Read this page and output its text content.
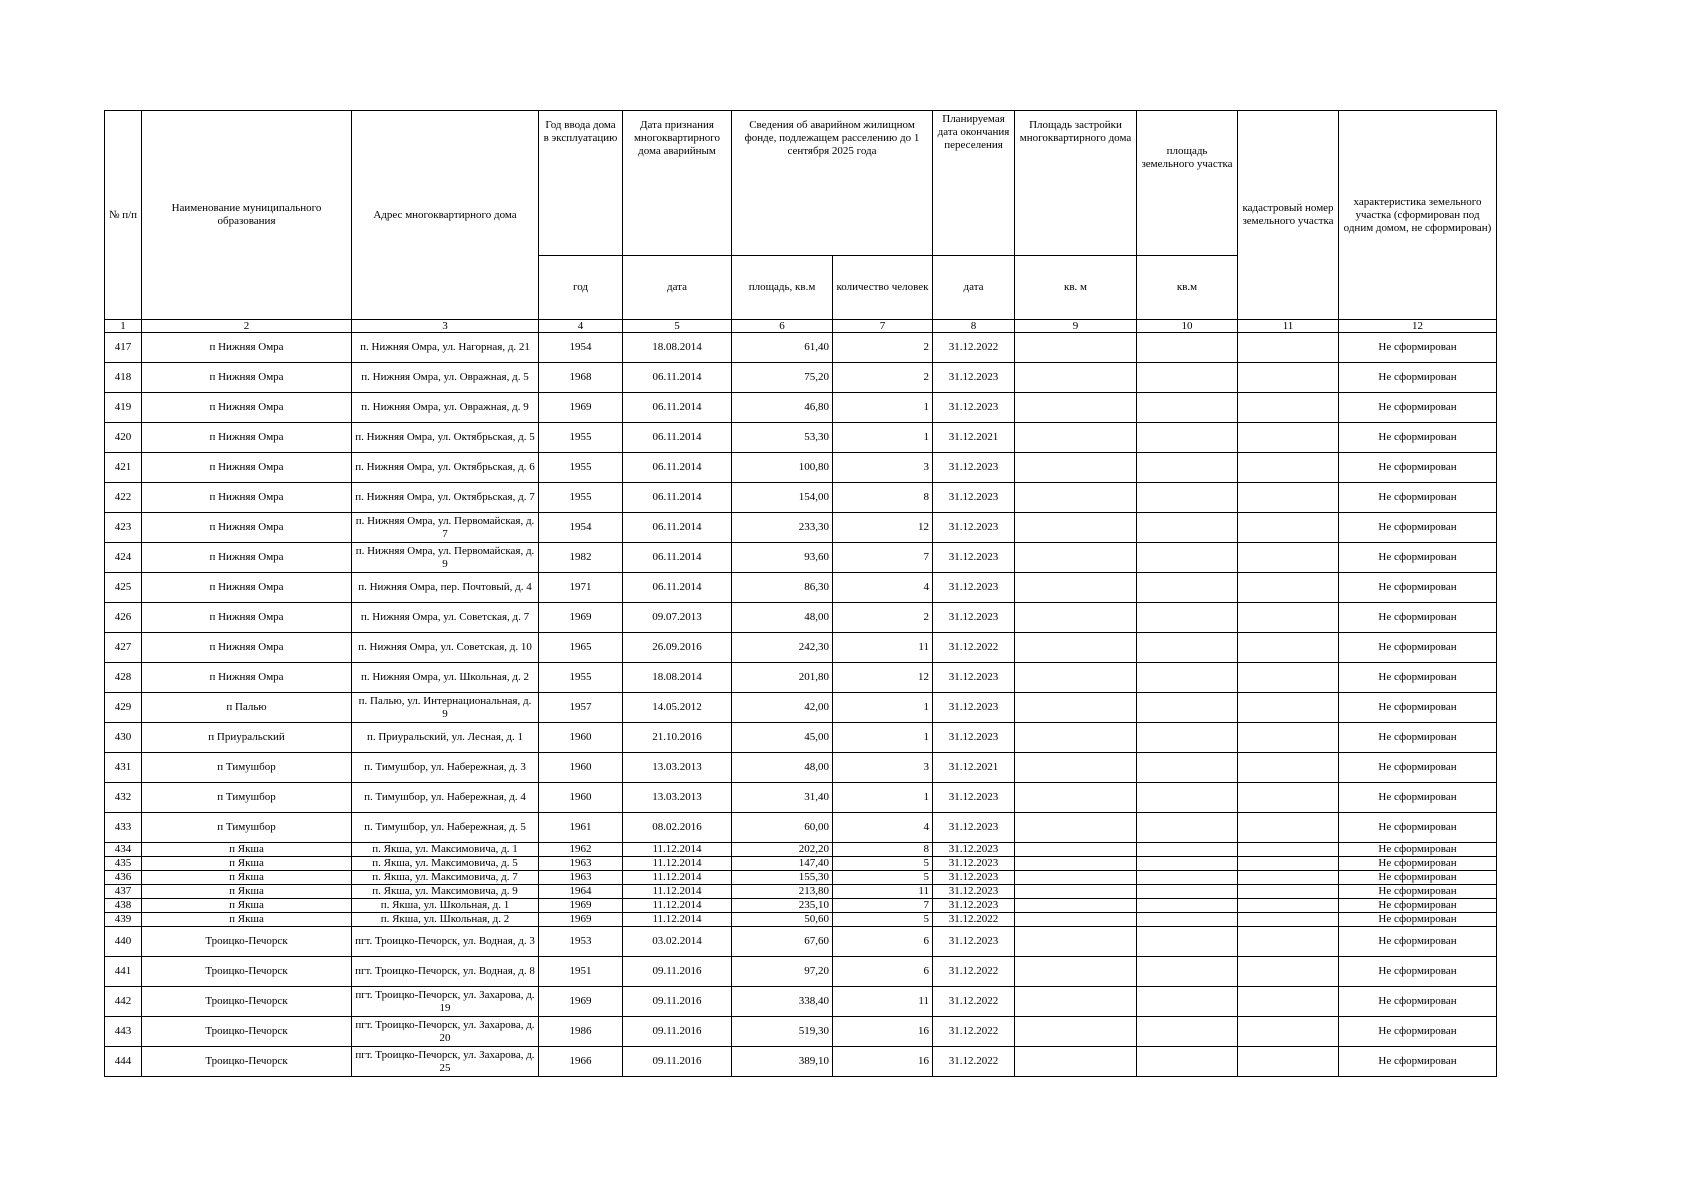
№ п/п	Наименование муниципального образования	Адрес многоквартирного дома	Год ввода дома в эксплуатацию	Дата признания многоквартирного дома аварийным	Сведения об аварийном жилищном фонде, подлежащем расселению до 1 сентября 2025 года		Планируемая дата окончания переселения	Площадь застройки многоквартирного дома	площадь земельного участка	кадастровый номер земельного участка	характеристика земельного участка (сформирован под одним домом, не сформирован)
			год	дата	площадь, кв.м	количество человек	дата	кв. м	кв.м		
1	2	3	4	5	6	7	8	9	10	11	12
417	п Нижняя Омра	п. Нижняя Омра, ул. Нагорная, д. 21	1954	18.08.2014	61,40	2	31.12.2022				Не сформирован
418	п Нижняя Омра	п. Нижняя Омра, ул. Овражная, д. 5	1968	06.11.2014	75,20	2	31.12.2023				Не сформирован
419	п Нижняя Омра	п. Нижняя Омра, ул. Овражная, д. 9	1969	06.11.2014	46,80	1	31.12.2023				Не сформирован
420	п Нижняя Омра	п. Нижняя Омра, ул. Октябрьская, д. 5	1955	06.11.2014	53,30	1	31.12.2021				Не сформирован
421	п Нижняя Омра	п. Нижняя Омра, ул. Октябрьская, д. 6	1955	06.11.2014	100,80	3	31.12.2023				Не сформирован
422	п Нижняя Омра	п. Нижняя Омра, ул. Октябрьская, д. 7	1955	06.11.2014	154,00	8	31.12.2023				Не сформирован
423	п Нижняя Омра	п. Нижняя Омра, ул. Первомайская, д. 7	1954	06.11.2014	233,30	12	31.12.2023				Не сформирован
424	п Нижняя Омра	п. Нижняя Омра, ул. Первомайская, д. 9	1982	06.11.2014	93,60	7	31.12.2023				Не сформирован
425	п Нижняя Омра	п. Нижняя Омра, пер. Почтовый, д. 4	1971	06.11.2014	86,30	4	31.12.2023				Не сформирован
426	п Нижняя Омра	п. Нижняя Омра, ул. Советская, д. 7	1969	09.07.2013	48,00	2	31.12.2023				Не сформирован
427	п Нижняя Омра	п. Нижняя Омра, ул. Советская, д. 10	1965	26.09.2016	242,30	11	31.12.2022				Не сформирован
428	п Нижняя Омра	п. Нижняя Омра, ул. Школьная, д. 2	1955	18.08.2014	201,80	12	31.12.2023				Не сформирован
429	п Палью	п. Палью, ул. Интернациональная, д. 9	1957	14.05.2012	42,00	1	31.12.2023				Не сформирован
430	п Приуральский	п. Приуральский, ул. Лесная, д. 1	1960	21.10.2016	45,00	1	31.12.2023				Не сформирован
431	п Тимушбор	п. Тимушбор, ул. Набережная, д. 3	1960	13.03.2013	48,00	3	31.12.2021				Не сформирован
432	п Тимушбор	п. Тимушбор, ул. Набережная, д. 4	1960	13.03.2013	31,40	1	31.12.2023				Не сформирован
433	п Тимушбор	п. Тимушбор, ул. Набережная, д. 5	1961	08.02.2016	60,00	4	31.12.2023				Не сформирован
434	п Якша	п. Якша, ул. Максимовича, д. 1	1962	11.12.2014	202,20	8	31.12.2023				Не сформирован
435	п Якша	п. Якша, ул. Максимовича, д. 5	1963	11.12.2014	147,40	5	31.12.2023				Не сформирован
436	п Якша	п. Якша, ул. Максимовича, д. 7	1963	11.12.2014	155,30	5	31.12.2023				Не сформирован
437	п Якша	п. Якша, ул. Максимовича, д. 9	1964	11.12.2014	213,80	11	31.12.2023				Не сформирован
438	п Якша	п. Якша, ул. Школьная, д. 1	1969	11.12.2014	235,10	7	31.12.2023				Не сформирован
439	п Якша	п. Якша, ул. Школьная, д. 2	1969	11.12.2014	50,60	5	31.12.2022				Не сформирован
440	Троицко-Печорск	пгт. Троицко-Печорск, ул. Водная, д. 3	1953	03.02.2014	67,60	6	31.12.2023				Не сформирован
441	Троицко-Печорск	пгт. Троицко-Печорск, ул. Водная, д. 8	1951	09.11.2016	97,20	6	31.12.2022				Не сформирован
442	Троицко-Печорск	пгт. Троицко-Печорск, ул. Захарова, д. 19	1969	09.11.2016	338,40	11	31.12.2022				Не сформирован
443	Троицко-Печорск	пгт. Троицко-Печорск, ул. Захарова, д. 20	1986	09.11.2016	519,30	16	31.12.2022				Не сформирован
444	Троицко-Печорск	пгт. Троицко-Печорск, ул. Захарова, д. 25	1966	09.11.2016	389,10	16	31.12.2022				Не сформирован
